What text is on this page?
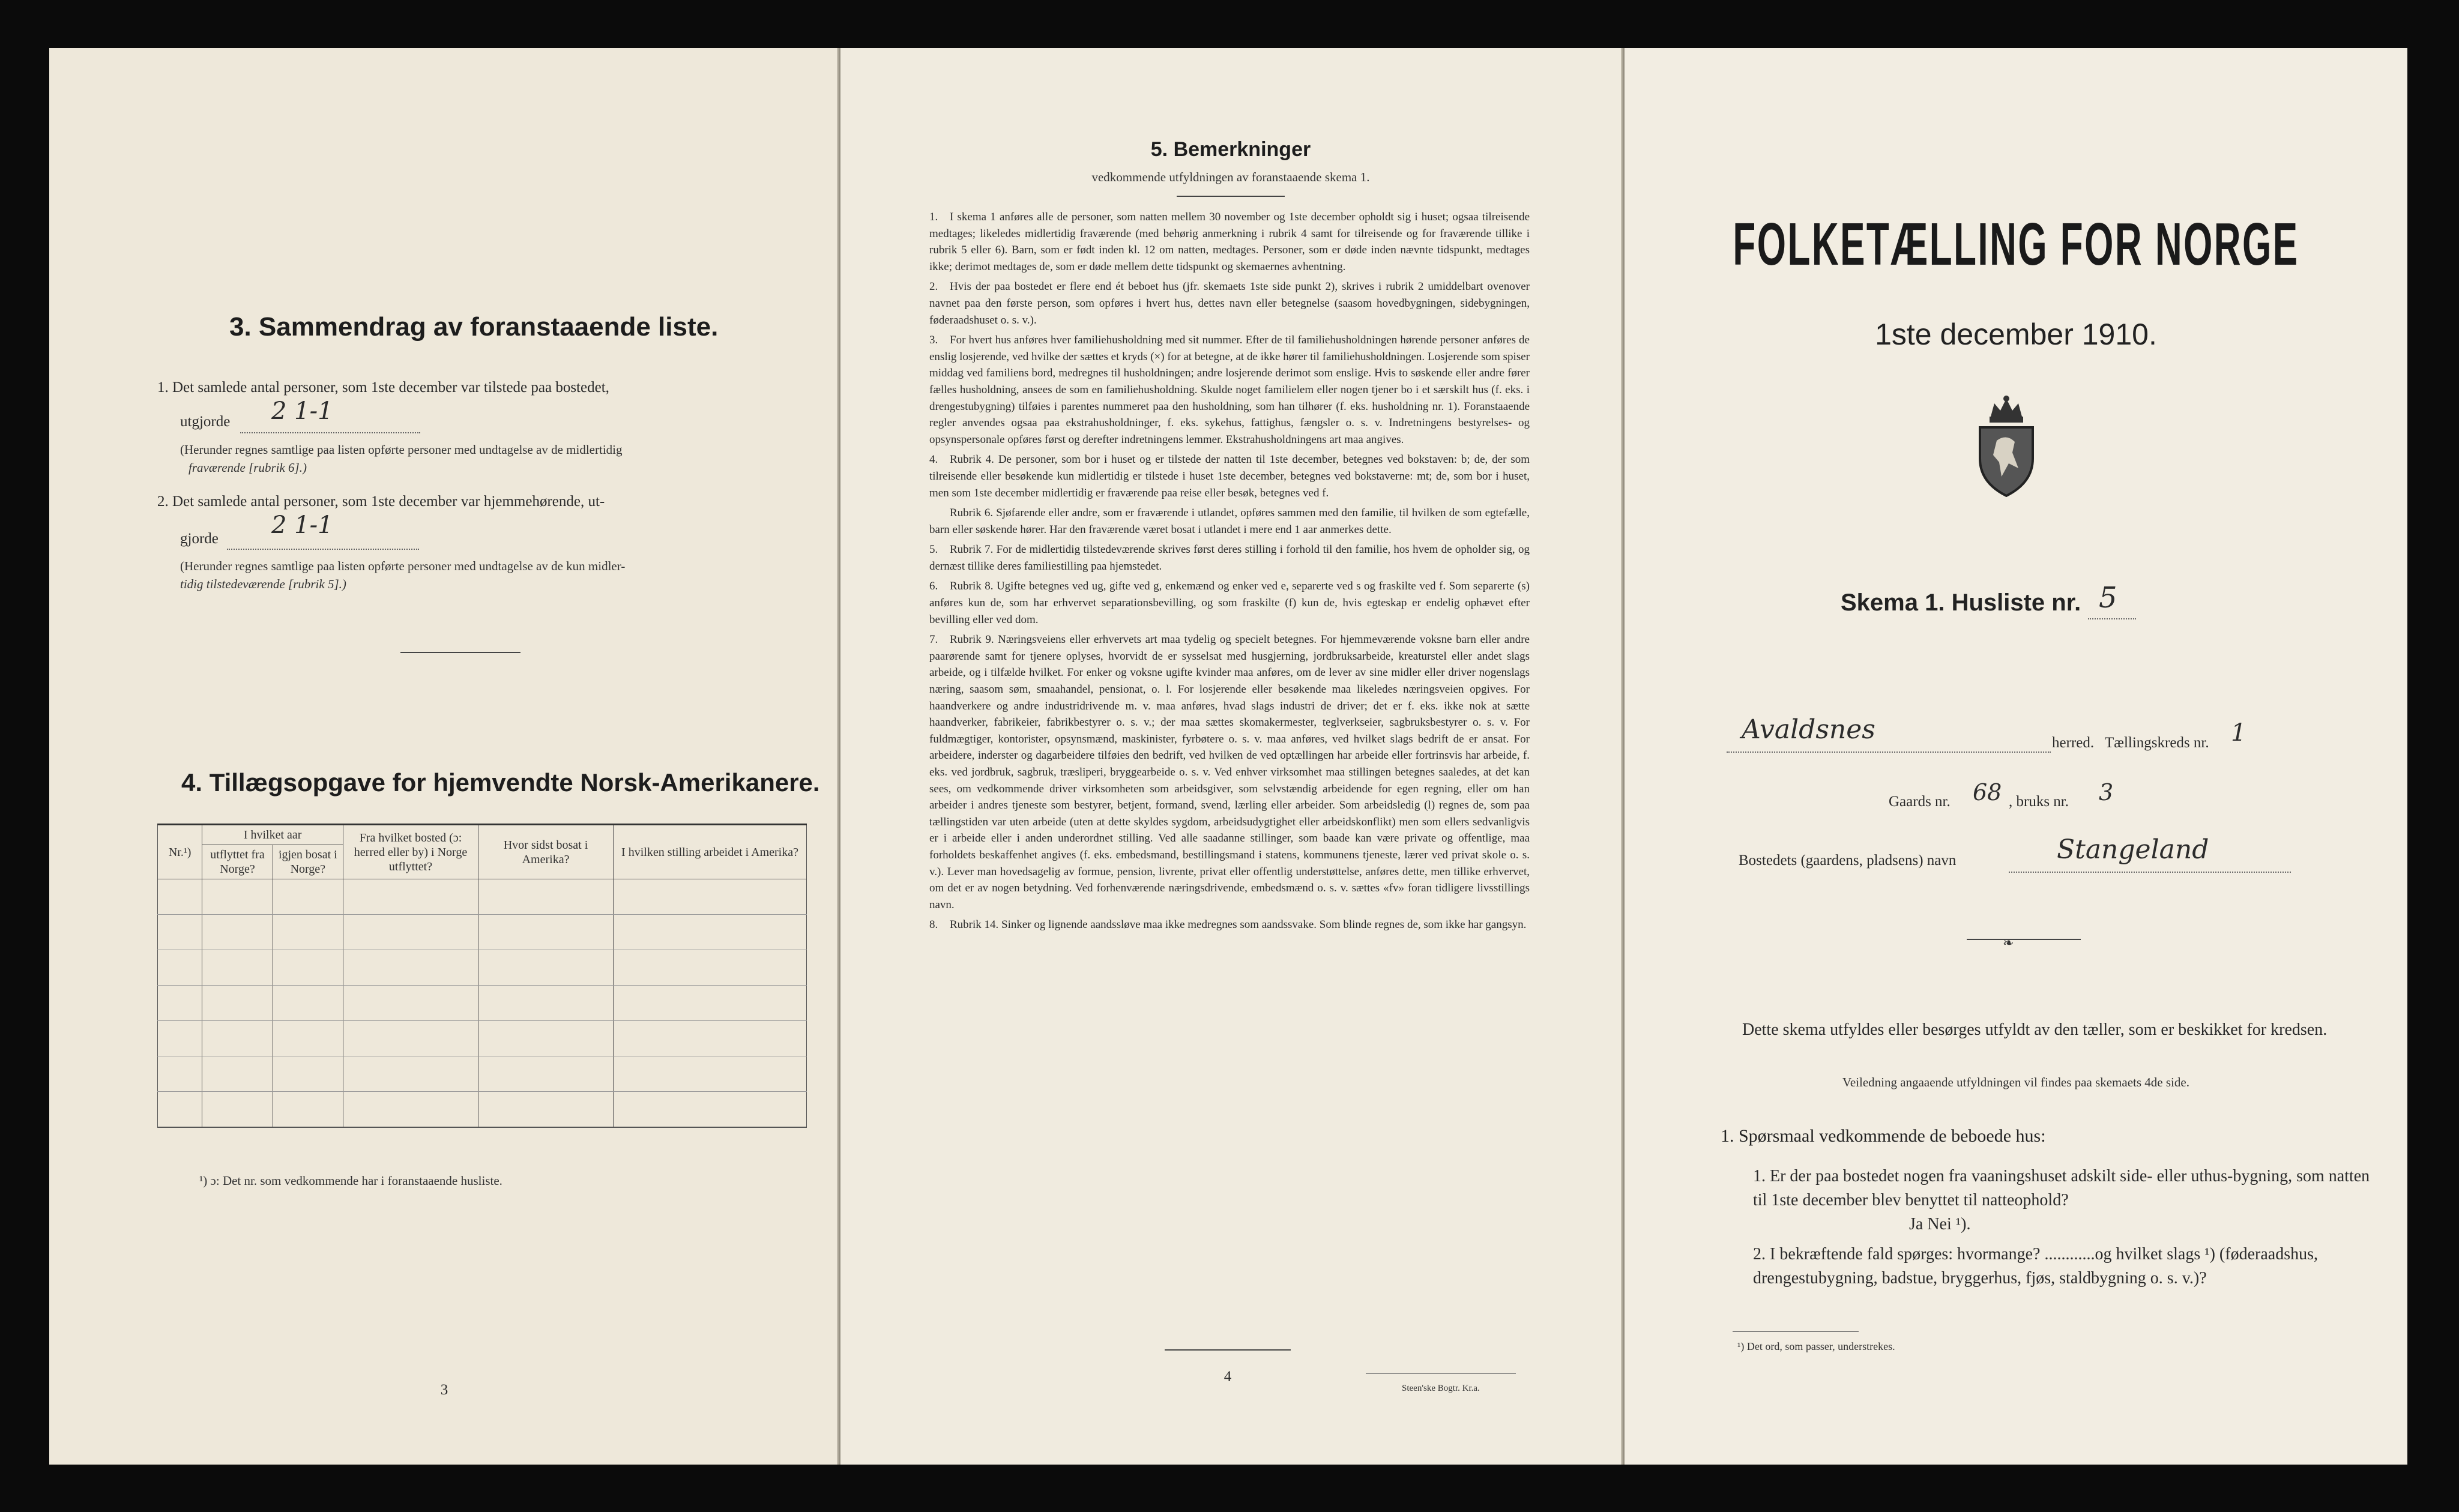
3. Sammendrag av foranstaaende liste.
1. Det samlede antal personer, som 1ste december var tilstede paa bostedet,
utgjorde 2 1-1
(Herunder regnes samtlige paa listen opførte personer med undtagelse av de midlertidig
fraværende [rubrik 6].)
2. Det samlede antal personer, som 1ste december var hjemmehørende, ut-
gjorde 2 1-1
(Herunder regnes samtlige paa listen opførte personer med undtagelse av de kun midler-
tidig tilstedeværende [rubrik 5].)
4. Tillægsopgave for hjemvendte Norsk-Amerikanere.
Nr.¹)	I hvilket aar		Fra hvilket bosted (ɔ: herred eller by) i Norge utflyttet?	Hvor sidst bosat i Amerika?	I hvilken stilling arbeidet i Amerika?
	utflyttet fra Norge?	igjen bosat i Norge?			

¹) ɔ: Det nr. som vedkommende har i foranstaaende husliste.
3
5. Bemerkninger
vedkommende utfyldningen av foranstaaende skema 1.

1. I skema 1 anføres alle de personer, som natten mellem 30 november og 1ste december opholdt sig i huset; ogsaa tilreisende medtages; likeledes midlertidig fraværende (med behørig anmerkning i rubrik 4 samt for tilreisende og for fraværende tillike i rubrik 5 eller 6). Barn, som er født inden kl. 12 om natten, medtages. Personer, som er døde inden nævnte tidspunkt, medtages ikke; derimot medtages de, som er døde mellem dette tidspunkt og skemaernes avhentning.

2. Hvis der paa bostedet er flere end ét beboet hus (jfr. skemaets 1ste side punkt 2), skrives i rubrik 2 umiddelbart ovenover navnet paa den første person, som opføres i hvert hus, dettes navn eller betegnelse (saasom hovedbygningen, sidebygningen, føderaadshuset o. s. v.).

3. For hvert hus anføres hver familiehusholdning med sit nummer. Efter de til familiehusholdningen hørende personer anføres de enslig losjerende, ved hvilke der sættes et kryds (×) for at betegne, at de ikke hører til familiehusholdningen. Losjerende som spiser middag ved familiens bord, medregnes til husholdningen; andre losjerende derimot som enslige. Hvis to søskende eller andre fører fælles husholdning, ansees de som en familiehusholdning. Skulde noget familielem eller nogen tjener bo i et særskilt hus (f. eks. i drengestubygning) tilføies i parentes nummeret paa den husholdning, som han tilhører (f. eks. husholdning nr. 1). Foranstaaende regler anvendes ogsaa paa ekstrahusholdninger, f. eks. sykehus, fattighus, fængsler o. s. v. Indretningens bestyrelses- og opsynspersonale opføres først og derefter indretningens lemmer. Ekstrahusholdningens art maa angives.

4. Rubrik 4. De personer, som bor i huset og er tilstede der natten til 1ste december, betegnes ved bokstaven: b; de, der som tilreisende eller besøkende kun midlertidig er tilstede i huset 1ste december, betegnes ved bokstaverne: mt; de, som bor i huset, men som 1ste december midlertidig er fraværende paa reise eller besøk, betegnes ved f.

Rubrik 6. Sjøfarende eller andre, som er fraværende i utlandet, opføres sammen med den familie, til hvilken de som egtefælle, barn eller søskende hører. Har den fraværende været bosat i utlandet i mere end 1 aar anmerkes dette.

5. Rubrik 7. For de midlertidig tilstedeværende skrives først deres stilling i forhold til den familie, hos hvem de opholder sig, og dernæst tillike deres familiestilling paa hjemstedet.

6. Rubrik 8. Ugifte betegnes ved ug, gifte ved g, enkemænd og enker ved e, separerte ved s og fraskilte ved f. Som separerte (s) anføres kun de, som har erhvervet separationsbevilling, og som fraskilte (f) kun de, hvis egteskap er endelig ophævet efter bevilling eller ved dom.

7. Rubrik 9. Næringsveiens eller erhvervets art maa tydelig og specielt betegnes. For hjemmeværende voksne barn eller andre paarørende samt for tjenere oplyses, hvorvidt de er sysselsat med husgjerning, jordbruksarbeide, kreaturstel eller andet slags arbeide, og i tilfælde hvilket. For enker og voksne ugifte kvinder maa anføres, om de lever av sine midler eller driver nogenslags næring, saasom søm, smaahandel, pensionat, o. l. For losjerende eller besøkende maa likeledes næringsveien opgives. For haandverkere og andre industridrivende m. v. maa anføres, hvad slags industri de driver; det er f. eks. ikke nok at sætte haandverker, fabrikeier, fabrikbestyrer o. s. v.; der maa sættes skomakermester, teglverkseier, sagbruksbestyrer o. s. v. For fuldmægtiger, kontorister, opsynsmænd, maskinister, fyrbøtere o. s. v. maa anføres, ved hvilket slags bedrift de er ansat. For arbeidere, inderster og dagarbeidere tilføies den bedrift, ved hvilken de ved optællingen har arbeide eller fortrinsvis har arbeide, f. eks. ved jordbruk, sagbruk, træsliperi, bryggearbeide o. s. v. Ved enhver virksomhet maa stillingen betegnes saaledes, at det kan sees, om vedkommende driver virksomheten som arbeidsgiver, som selvstændig arbeidende for egen regning, eller om han arbeider i andres tjeneste som bestyrer, betjent, formand, svend, lærling eller arbeider. Som arbeidsledig (l) regnes de, som paa tællingstiden var uten arbeide (uten at dette skyldes sygdom, arbeidsudygtighet eller arbeidskonflikt) men som ellers sedvanligvis er i arbeide eller i anden underordnet stilling. Ved alle saadanne stillinger, som baade kan være private og offentlige, maa forholdets beskaffenhet angives (f. eks. embedsmand, bestillingsmand i statens, kommunens tjeneste, lærer ved privat skole o. s. v.). Lever man hovedsagelig av formue, pension, livrente, privat eller offentlig understøttelse, anføres dette, men tillike erhvervet, om det er av nogen betydning. Ved forhenværende næringsdrivende, embedsmænd o. s. v. sættes «fv» foran tidligere livsstillings navn.

8. Rubrik 14. Sinker og lignende aandssløve maa ikke medregnes som aandssvake. Som blinde regnes de, som ikke har gangsyn.

4
Steen'ske Bogtr. Kr.a.
FOLKETÆLLING FOR NORGE
1ste december 1910.
Skema 1. Husliste nr. 5
Avaldsnes	herred. Tællingskreds nr. 1
Gaards nr. 68 , bruks nr. 3
Bostedets (gaardens, pladsens) navn	Stangeland
❧
Dette skema utfyldes eller besørges utfyldt av den tæller, som er beskikket for kredsen.
Veiledning angaaende utfyldningen vil findes paa skemaets 4de side.
1. Spørsmaal vedkommende de beboede hus:

1. Er der paa bostedet nogen fra vaaningshuset adskilt side- eller uthus-bygning, som natten til 1ste december blev benyttet til natteophold?

Ja Nei ¹).

2. I bekræftende fald spørges: hvormange? ............og hvilket slags ¹) (føderaadshus, drengestubygning, badstue, bryggerhus, fjøs, staldbygning o. s. v.)?

¹) Det ord, som passer, understrekes.
